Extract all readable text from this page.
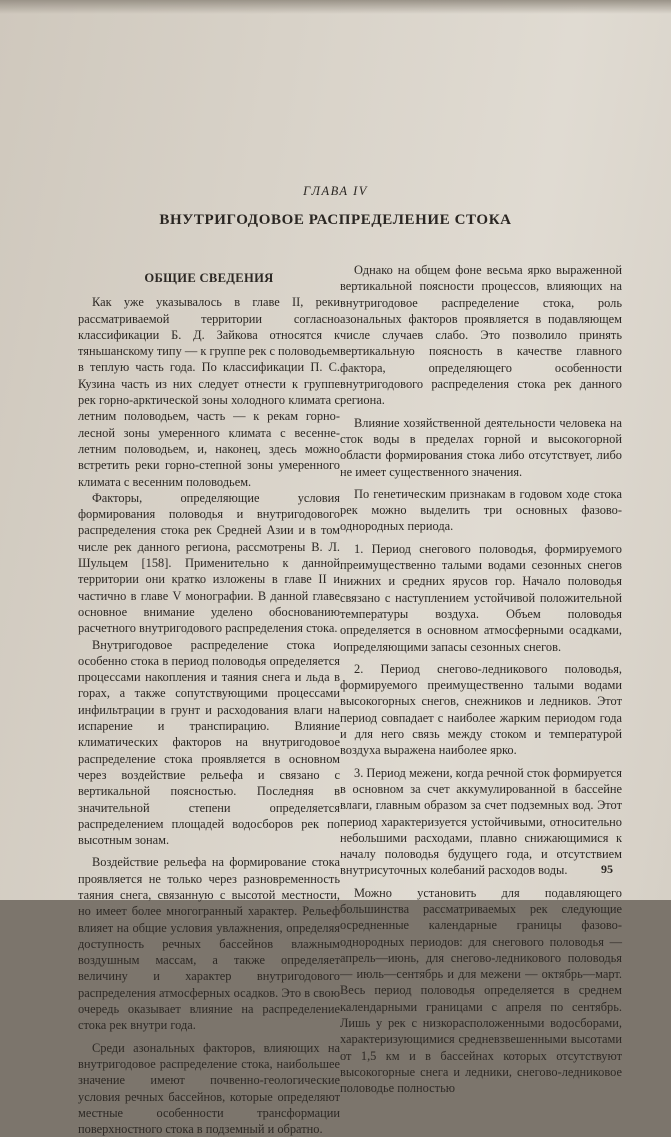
ГЛАВА IV
ВНУТРИГОДОВОЕ РАСПРЕДЕЛЕНИЕ СТОКА

ОБЩИЕ СВЕДЕНИЯ

Как уже указывалось в главе II, реки рассматриваемой территории согласно классификации Б. Д. Зайкова относятся к тяньшанскому типу — к группе рек с половодьем в теплую часть года. По классификации П. С. Кузина часть из них следует отнести к группе рек горно-арктической зоны холодного климата с летним половодьем, часть — к рекам горно-лесной зоны умеренного климата с весенне-летним половодьем, и, наконец, здесь можно встретить реки горно-степной зоны умеренного климата с весенним половодьем.

Факторы, определяющие условия формирования половодья и внутригодового распределения стока рек Средней Азии и в том числе рек данного региона, рассмотрены В. Л. Шульцем [158]. Применительно к данной территории они кратко изложены в главе II и частично в главе V монографии. В данной главе основное внимание уделено обоснованию расчетного внутригодового распределения стока.

Внутригодовое распределение стока и особенно стока в период половодья определяется процессами накопления и таяния снега и льда в горах, а также сопутствующими процессами инфильтрации в грунт и расходования влаги на испарение и транспирацию. Влияние климатических факторов на внутригодовое распределение стока проявляется в основном через воздействие рельефа и связано с вертикальной поясностью. Последняя в значительной степени определяется распределением площадей водосборов рек по высотным зонам.

Воздействие рельефа на формирование стока проявляется не только через разновременность таяния снега, связанную с высотой местности, но имеет более многогранный характер. Рельеф влияет на общие условия увлажнения, определяя доступность речных бассейнов влажным воздушным массам, а также определяет величину и характер внутригодового распределения атмосферных осадков. Это в свою очередь оказывает влияние на распределение стока рек внутри года.

Среди азональных факторов, влияющих на внутригодовое распределение стока, наибольшее значение имеют почвенно-геологические условия речных бассейнов, которые определяют местные особенности трансформации поверхностного стока в подземный и обратно.

Однако на общем фоне весьма ярко выраженной вертикальной поясности процессов, влияющих на внутригодовое распределение стока, роль азональных факторов проявляется в подавляющем числе случаев слабо. Это позволило принять вертикальную поясность в качестве главного фактора, определяющего особенности внутригодового распределения стока рек данного региона.

Влияние хозяйственной деятельности человека на сток воды в пределах горной и высокогорной области формирования стока либо отсутствует, либо не имеет существенного значения.

По генетическим признакам в годовом ходе стока рек можно выделить три основных фазово-однородных периода.

1. Период снегового половодья, формируемого преимущественно талыми водами сезонных снегов нижних и средних ярусов гор. Начало половодья связано с наступлением устойчивой положительной температуры воздуха. Объем половодья определяется в основном атмосферными осадками, определяющими запасы сезонных снегов.

2. Период снегово-ледникового половодья, формируемого преимущественно талыми водами высокогорных снегов, снежников и ледников. Этот период совпадает с наиболее жарким периодом года и для него связь между стоком и температурой воздуха выражена наиболее ярко.

3. Период межени, когда речной сток формируется в основном за счет аккумулированной в бассейне влаги, главным образом за счет подземных вод. Этот период характеризуется устойчивыми, относительно небольшими расходами, плавно снижающимися к началу половодья будущего года, и отсутствием внутрисуточных колебаний расходов воды.

Можно установить для подавляющего большинства рассматриваемых рек следующие осредненные календарные границы фазово-однородных периодов: для снегового половодья — апрель—июнь, для снегово-ледникового половодья — июль—сентябрь и для межени — октябрь—март. Весь период половодья определяется в среднем календарными границами с апреля по сентябрь. Лишь у рек с низкорасположенными водосборами, характеризующимися средневзвешенными высотами от 1,5 км и в бассейнах которых отсутствуют высокогорные снега и ледники, снегово-ледниковое половодье полностью

95
